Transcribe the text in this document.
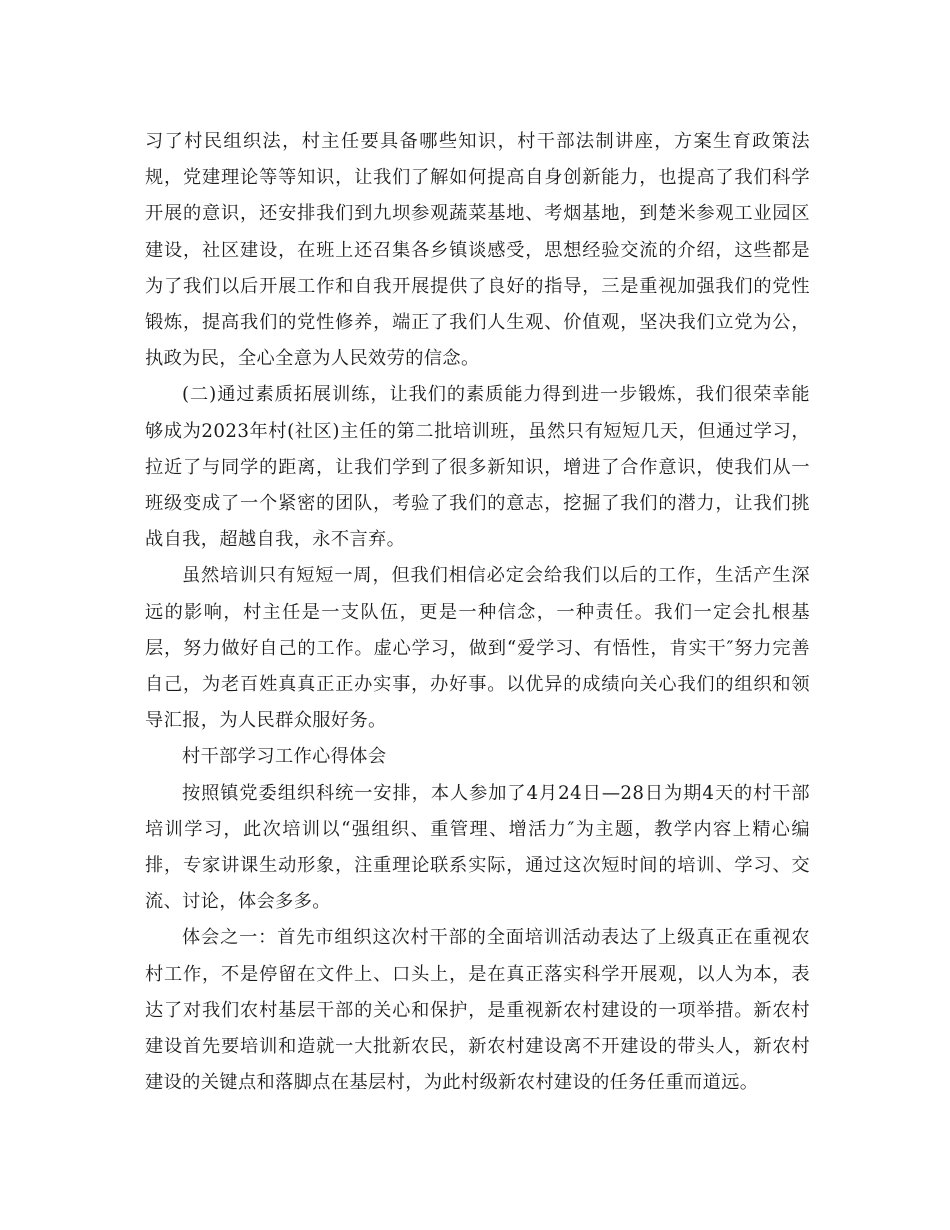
习了村民组织法，村主任要具备哪些知识，村干部法制讲座，方案生育政策法规，党建理论等等知识，让我们了解如何提高自身创新能力，也提高了我们科学开展的意识，还安排我们到九坝参观蔬菜基地、考烟基地，到楚米参观工业园区建设，社区建设，在班上还召集各乡镇谈感受，思想经验交流的介绍，这些都是为了我们以后开展工作和自我开展提供了良好的指导，三是重视加强我们的党性锻炼，提高我们的党性修养，端正了我们人生观、价值观，坚决我们立党为公，执政为民，全心全意为人民效劳的信念。

(二)通过素质拓展训练，让我们的素质能力得到进一步锻炼，我们很荣幸能够成为2023年村(社区)主任的第二批培训班，虽然只有短短几天，但通过学习，拉近了与同学的距离，让我们学到了很多新知识，增进了合作意识，使我们从一班级变成了一个紧密的团队，考验了我们的意志，挖掘了我们的潜力，让我们挑战自我，超越自我，永不言弃。

虽然培训只有短短一周，但我们相信必定会给我们以后的工作，生活产生深远的影响，村主任是一支队伍，更是一种信念，一种责任。我们一定会扎根基层，努力做好自己的工作。虚心学习，做到“爱学习、有悟性，肯实干″努力完善自己，为老百姓真真正正办实事，办好事。以优异的成绩向关心我们的组织和领导汇报，为人民群众服好务。

村干部学习工作心得体会

按照镇党委组织科统一安排，本人参加了4月24日—28日为期4天的村干部培训学习，此次培训以“强组织、重管理、增活力″为主题，教学内容上精心编排，专家讲课生动形象，注重理论联系实际，通过这次短时间的培训、学习、交流、讨论，体会多多。

体会之一：首先市组织这次村干部的全面培训活动表达了上级真正在重视农村工作，不是停留在文件上、口头上，是在真正落实科学开展观，以人为本，表达了对我们农村基层干部的关心和保护，是重视新农村建设的一项举措。新农村建设首先要培训和造就一大批新农民，新农村建设离不开建设的带头人，新农村建设的关键点和落脚点在基层村，为此村级新农村建设的任务任重而道远。
